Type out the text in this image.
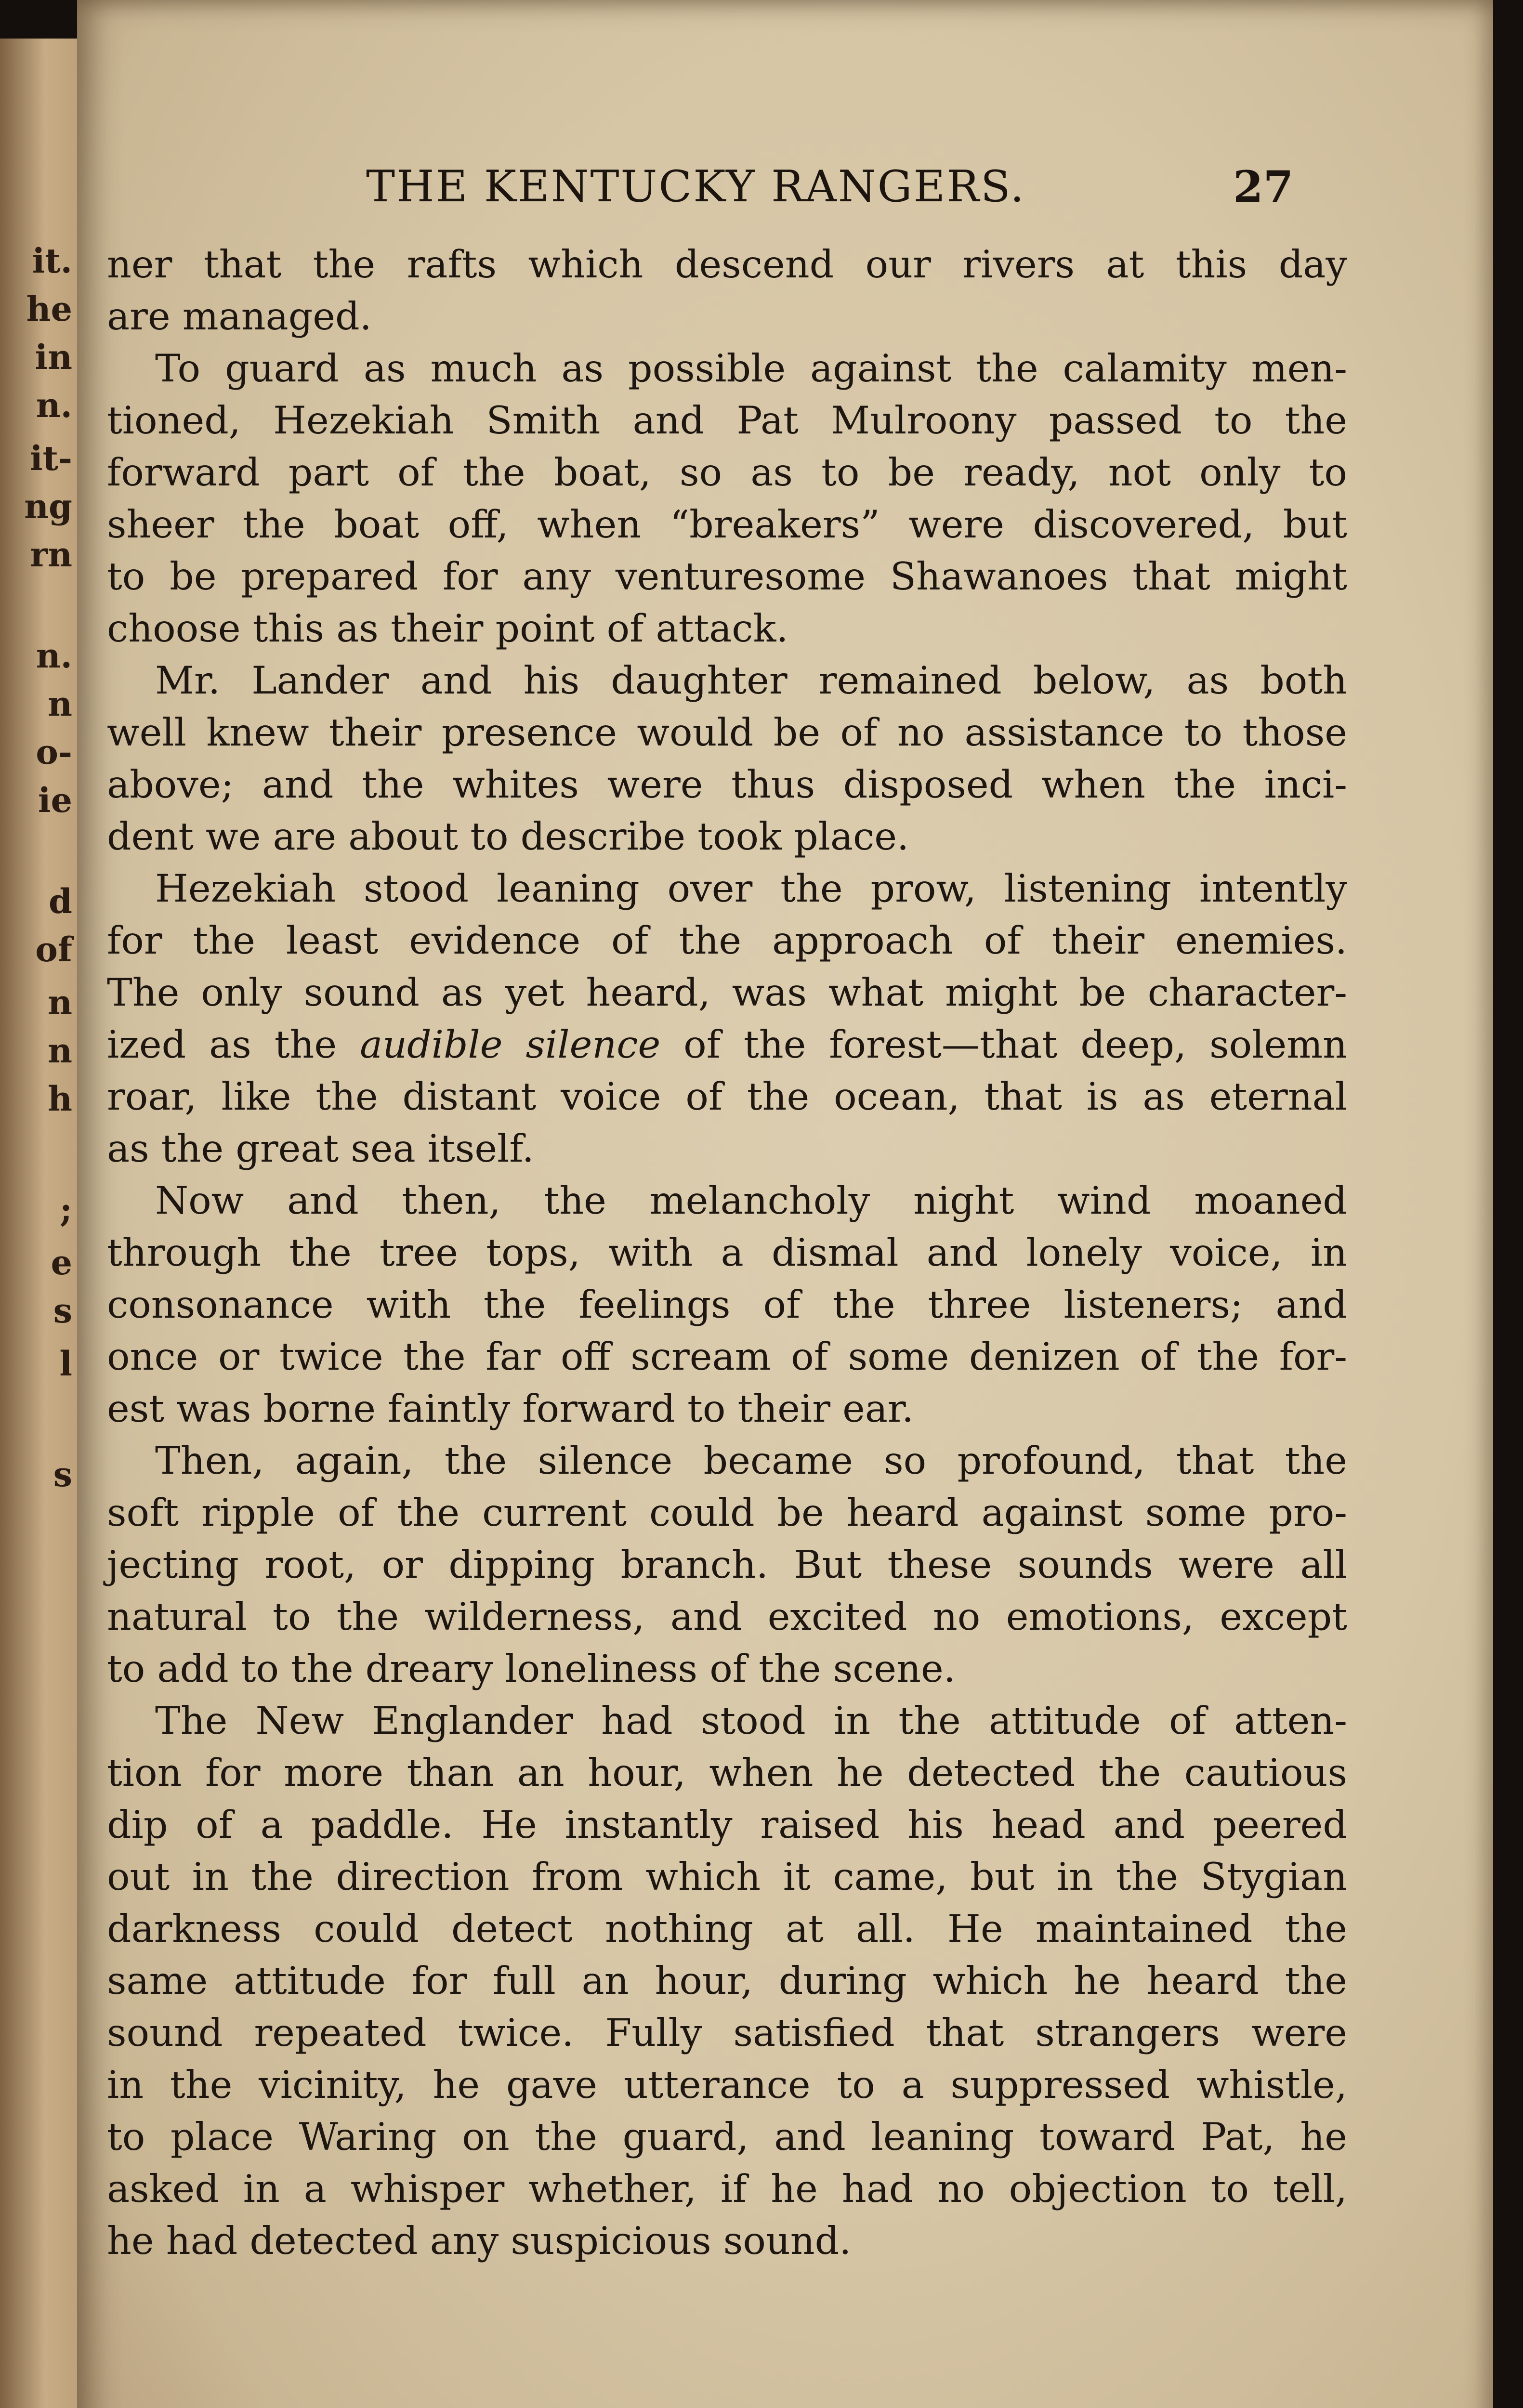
it.
he
in
n.
it-
ng
rn
n.
n
o-
ie
d
of
n
n
h
;
e
s
l
s
THE KENTUCKY RANGERS.	27
ner that the rafts which descend our rivers at this day
are managed.
To guard as much as possible against the calamity men-
tioned, Hezekiah Smith and Pat Mulroony passed to the
forward part of the boat, so as to be ready, not only to
sheer the boat off, when “breakers” were discovered, but
to be prepared for any venturesome Shawanoes that might
choose this as their point of attack.
Mr. Lander and his daughter remained below, as both
well knew their presence would be of no assistance to those
above; and the whites were thus disposed when the inci-
dent we are about to describe took place.
Hezekiah stood leaning over the prow, listening intently
for the least evidence of the approach of their enemies.
The only sound as yet heard, was what might be character-
ized as the audible silence of the forest—that deep, solemn
roar, like the distant voice of the ocean, that is as eternal
as the great sea itself.
Now and then, the melancholy night wind moaned
through the tree tops, with a dismal and lonely voice, in
consonance with the feelings of the three listeners; and
once or twice the far off scream of some denizen of the for-
est was borne faintly forward to their ear.
Then, again, the silence became so profound, that the
soft ripple of the current could be heard against some pro-
jecting root, or dipping branch. But these sounds were all
natural to the wilderness, and excited no emotions, except
to add to the dreary loneliness of the scene.
The New Englander had stood in the attitude of atten-
tion for more than an hour, when he detected the cautious
dip of a paddle. He instantly raised his head and peered
out in the direction from which it came, but in the Stygian
darkness could detect nothing at all. He maintained the
same attitude for full an hour, during which he heard the
sound repeated twice. Fully satisfied that strangers were
in the vicinity, he gave utterance to a suppressed whistle,
to place Waring on the guard, and leaning toward Pat, he
asked in a whisper whether, if he had no objection to tell,
he had detected any suspicious sound.
